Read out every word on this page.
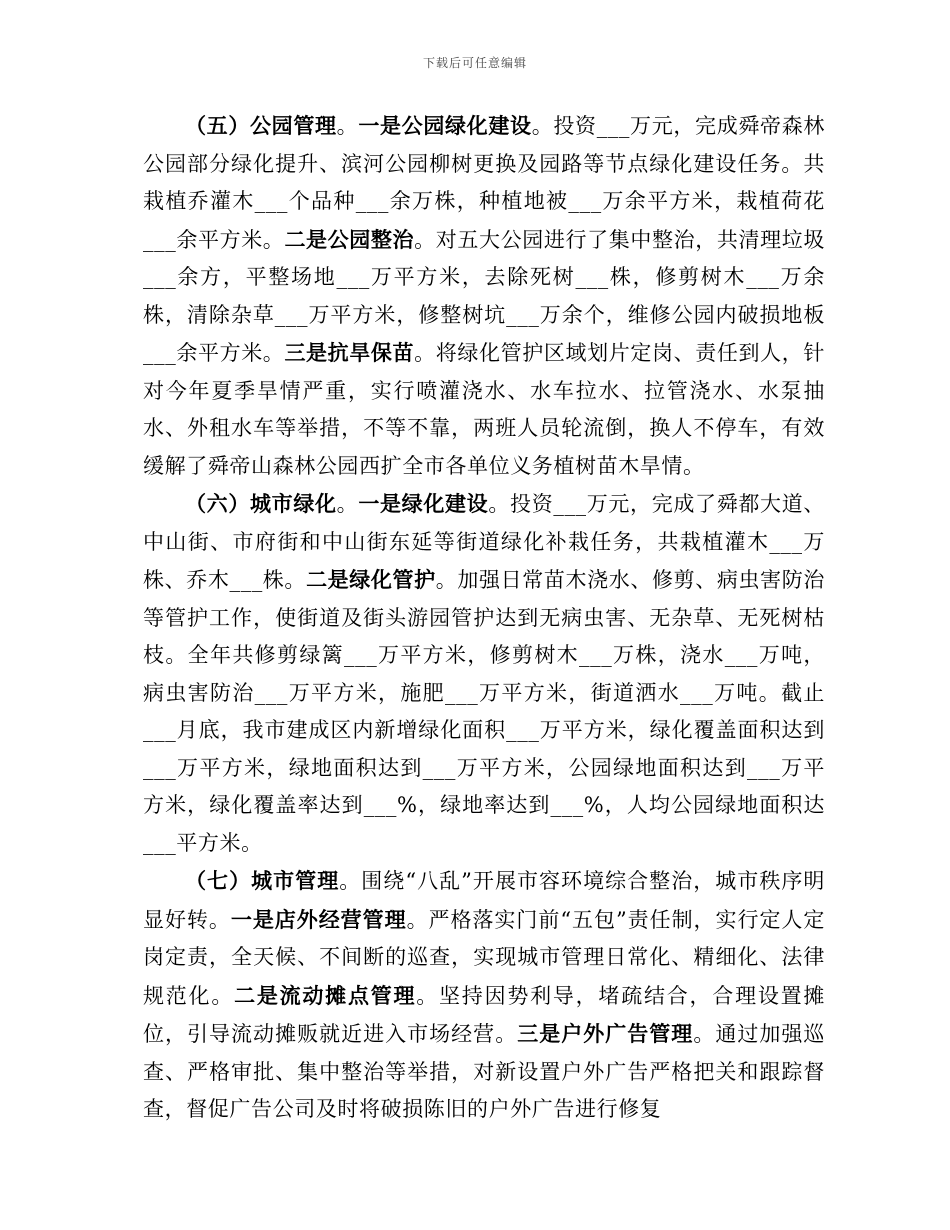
下载后可任意编辑

（五）公园管理。一是公园绿化建设。投资___万元，完成舜帝森林公园部分绿化提升、滨河公园柳树更换及园路等节点绿化建设任务。共栽植乔灌木___个品种___余万株，种植地被___万余平方米，栽植荷花___余平方米。二是公园整治。对五大公园进行了集中整治，共清理垃圾___余方，平整场地___万平方米，去除死树___株，修剪树木___万余株，清除杂草___万平方米，修整树坑___万余个，维修公园内破损地板___余平方米。三是抗旱保苗。将绿化管护区域划片定岗、责任到人，针对今年夏季旱情严重，实行喷灌浇水、水车拉水、拉管浇水、水泵抽水、外租水车等举措，不等不靠，两班人员轮流倒，换人不停车，有效缓解了舜帝山森林公园西扩全市各单位义务植树苗木旱情。

（六）城市绿化。一是绿化建设。投资___万元，完成了舜都大道、中山街、市府街和中山街东延等街道绿化补栽任务，共栽植灌木___万株、乔木___株。二是绿化管护。加强日常苗木浇水、修剪、病虫害防治等管护工作，使街道及街头游园管护达到无病虫害、无杂草、无死树枯枝。全年共修剪绿篱___万平方米，修剪树木___万株，浇水___万吨，病虫害防治___万平方米，施肥___万平方米，街道洒水___万吨。截止___月底，我市建成区内新增绿化面积___万平方米，绿化覆盖面积达到___万平方米，绿地面积达到___万平方米，公园绿地面积达到___万平方米，绿化覆盖率达到___%，绿地率达到___%，人均公园绿地面积达___平方米。

（七）城市管理。围绕“八乱”开展市容环境综合整治，城市秩序明显好转。一是店外经营管理。严格落实门前“五包”责任制，实行定人定岗定责，全天候、不间断的巡查，实现城市管理日常化、精细化、法律规范化。二是流动摊点管理。坚持因势利导，堵疏结合，合理设置摊位，引导流动摊贩就近进入市场经营。三是户外广告管理。通过加强巡查、严格审批、集中整治等举措，对新设置户外广告严格把关和跟踪督查，督促广告公司及时将破损陈旧的户外广告进行修复
